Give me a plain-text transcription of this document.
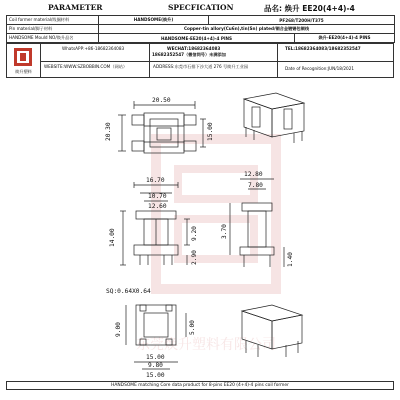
PARAMETER	SPECFICATION	品名: 焕升 EE20(4+4)-4
Coil former material/线圈材料	HANDSOME(焕升)	PF268/T200H/T375	
Pin material/脚子材料	Copper-tin allory(Cu6n),tin(Sn) plated/铜合金镀锡包铜线		
HANDSOME Mould NO/焕升品名	HANDSOME-EE20(4+4)-4 PINS		焕升-EE20(4+4)-4 PINS
焕升塑料
WhatsAPP:+86-18682364083	WECHAT:18682364083
18682352547（微信同号）未满添加
TEL:18682364083/18682352547
WEBSITE:WWW.SZBOBBIN.COM（网站）	ADDRESS:东莞市石排下沙大道 276 号焕升工业园	Date of Recognition:JUN/18/2021
东莞焕升塑料有限公司
20.50
20.30	15.00
16.70
10.70
12.60
14.00	9.20
2.90
12.80
7.80
3.70
1.40
SQ:0.64X0.64
9.00	5.00
15.00
9.80
15.00
HANDSOME matching Core data product for 8-pins EE20 (4+4)-4 pins coil former
